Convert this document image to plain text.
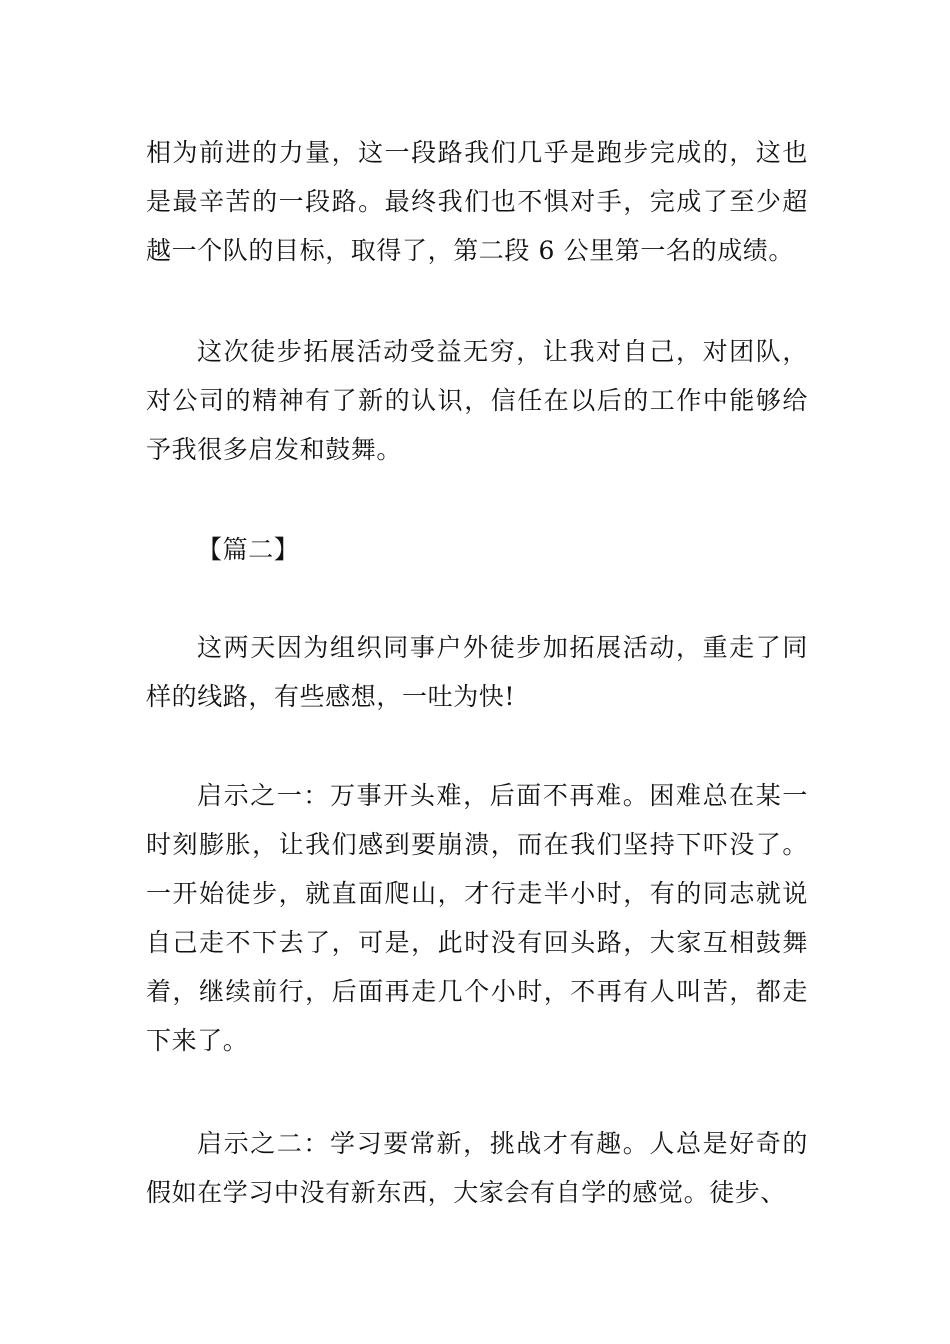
相为前进的力量，这一段路我们几乎是跑步完成的，这也是最辛苦的一段路。最终我们也不惧对手，完成了至少超越一个队的目标，取得了，第二段 6 公里第一名的成绩。

这次徒步拓展活动受益无穷，让我对自己，对团队，对公司的精神有了新的认识，信任在以后的工作中能够给予我很多启发和鼓舞。

【篇二】

这两天因为组织同事户外徒步加拓展活动，重走了同样的线路，有些感想，一吐为快!

启示之一：万事开头难，后面不再难。困难总在某一时刻膨胀，让我们感到要崩溃，而在我们坚持下吓没了。一开始徒步，就直面爬山，才行走半小时，有的同志就说自己走不下去了，可是，此时没有回头路，大家互相鼓舞着，继续前行，后面再走几个小时，不再有人叫苦，都走下来了。

启示之二：学习要常新，挑战才有趣。人总是好奇的假如在学习中没有新东西，大家会有自学的感觉。徒步、
